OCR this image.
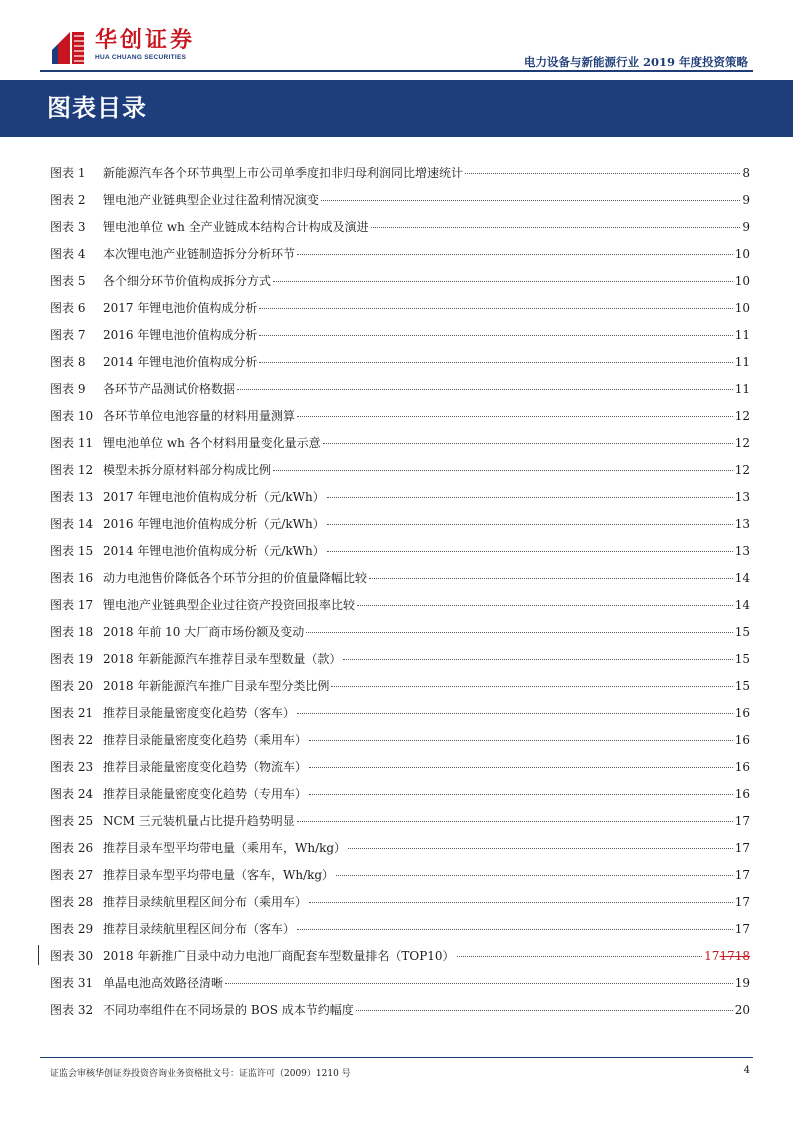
华创证券
HUA CHUANG SECURITIES	电力设备与新能源行业 2019 年度投资策略
图表目录
图表 1	新能源汽车各个环节典型上市公司单季度扣非归母利润同比增速统计	8
图表 2	锂电池产业链典型企业过往盈利情况演变	9
图表 3	锂电池单位 wh 全产业链成本结构合计构成及演进	9
图表 4	本次锂电池产业链制造拆分分析环节	10
图表 5	各个细分环节价值构成拆分方式	10
图表 6	2017 年锂电池价值构成分析	10
图表 7	2016 年锂电池价值构成分析	11
图表 8	2014 年锂电池价值构成分析	11
图表 9	各环节产品测试价格数据	11
图表 10 各环节单位电池容量的材料用量测算	12
图表 11 锂电池单位 wh 各个材料用量变化量示意	12
图表 12 模型未拆分原材料部分构成比例	12
图表 13 2017 年锂电池价值构成分析（元/kWh）	13
图表 14 2016 年锂电池价值构成分析（元/kWh）	13
图表 15 2014 年锂电池价值构成分析（元/kWh）	13
图表 16 动力电池售价降低各个环节分担的价值量降幅比较	14
图表 17 锂电池产业链典型企业过往资产投资回报率比较	14
图表 18 2018 年前 10 大厂商市场份额及变动	15
图表 19 2018 年新能源汽车推荐目录车型数量（款）	15
图表 20 2018 年新能源汽车推广目录车型分类比例	15
图表 21 推荐目录能量密度变化趋势（客车）	16
图表 22 推荐目录能量密度变化趋势（乘用车）	16
图表 23 推荐目录能量密度变化趋势（物流车）	16
图表 24 推荐目录能量密度变化趋势（专用车）	16
图表 25 NCM 三元装机量占比提升趋势明显	17
图表 26 推荐目录车型平均带电量（乘用车，Wh/kg）	17
图表 27 推荐目录车型平均带电量（客车，Wh/kg）	17
图表 28 推荐目录续航里程区间分布（乘用车）	17
图表 29 推荐目录续航里程区间分布（客车）	17
图表 30 2018 年新推广目录中动力电池厂商配套车型数量排名（TOP10）	171718
图表 31 单晶电池高效路径清晰	19
图表 32 不同功率组件在不同场景的 BOS 成本节约幅度	20
证监会审核华创证券投资咨询业务资格批文号：证监许可（2009）1210 号	4
